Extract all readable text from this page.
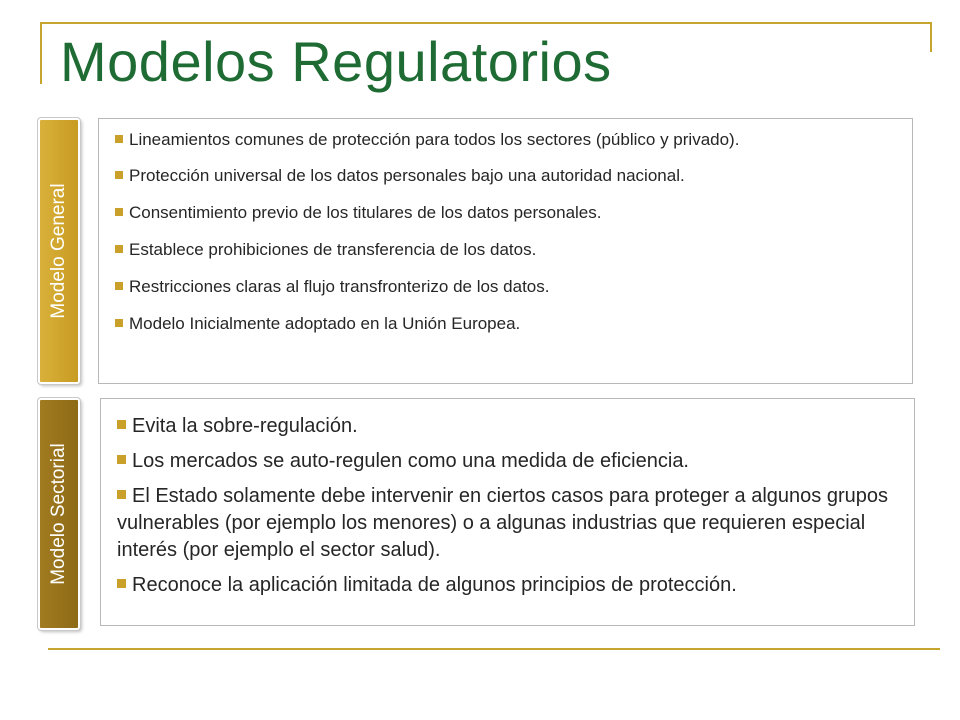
Modelos Regulatorios
Modelo General
Lineamientos comunes de protección para todos los sectores (público y privado).
Protección universal de los datos personales bajo una autoridad nacional.
Consentimiento previo de los titulares de los datos personales.
Establece prohibiciones de transferencia de los datos.
Restricciones claras al flujo transfronterizo de los datos.
Modelo Inicialmente adoptado en la Unión Europea.
Modelo Sectorial
Evita la sobre-regulación.
Los mercados se auto-regulen como una medida de eficiencia.
El Estado solamente debe intervenir en ciertos casos para proteger a algunos grupos vulnerables (por ejemplo los menores) o a algunas industrias que requieren especial interés (por ejemplo el sector salud).
Reconoce la aplicación limitada de algunos principios de protección.
